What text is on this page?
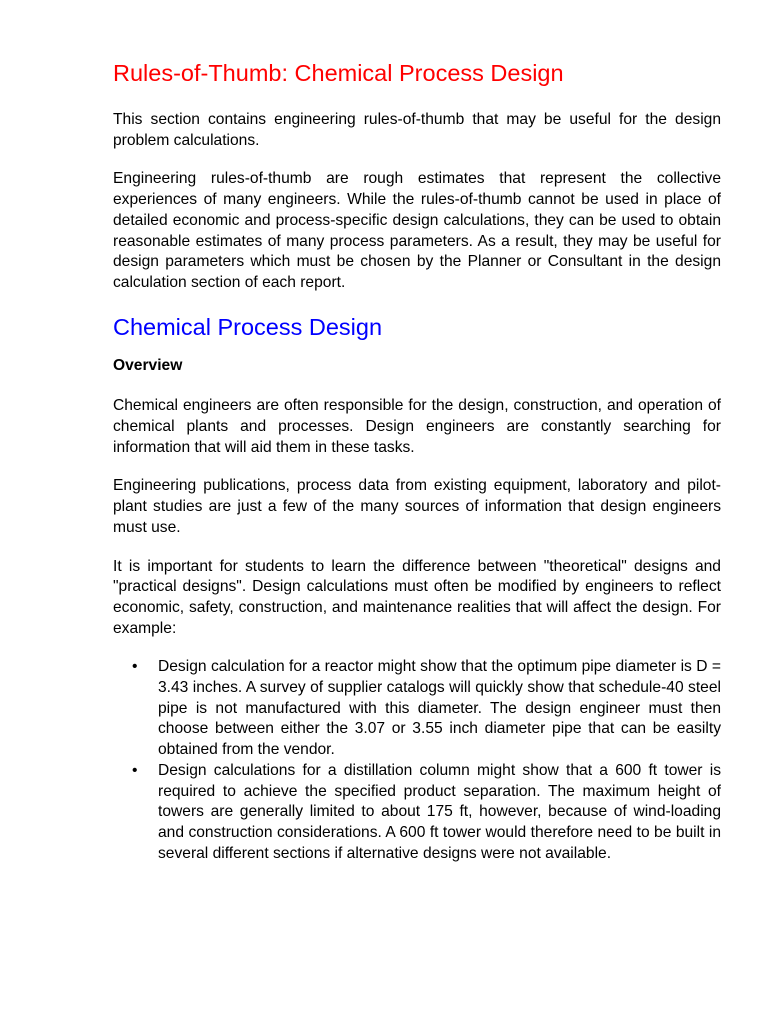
Rules-of-Thumb: Chemical Process Design

This section contains engineering rules-of-thumb that may be useful for the design problem calculations.

Engineering rules-of-thumb are rough estimates that represent the collective experiences of many engineers. While the rules-of-thumb cannot be used in place of detailed economic and process-specific design calculations, they can be used to obtain reasonable estimates of many process parameters. As a result, they may be useful for design parameters which must be chosen by the Planner or Consultant in the design calculation section of each report.

Chemical Process Design
Overview

Chemical engineers are often responsible for the design, construction, and operation of chemical plants and processes. Design engineers are constantly searching for information that will aid them in these tasks.

Engineering publications, process data from existing equipment, laboratory and pilot-plant studies are just a few of the many sources of information that design engineers must use.

It is important for students to learn the difference between "theoretical" designs and "practical designs". Design calculations must often be modified by engineers to reflect economic, safety, construction, and maintenance realities that will affect the design. For example:

• Design calculation for a reactor might show that the optimum pipe diameter is D = 3.43 inches. A survey of supplier catalogs will quickly show that schedule-40 steel pipe is not manufactured with this diameter. The design engineer must then choose between either the 3.07 or 3.55 inch diameter pipe that can be easilty obtained from the vendor.
• Design calculations for a distillation column might show that a 600 ft tower is required to achieve the specified product separation. The maximum height of towers are generally limited to about 175 ft, however, because of wind-loading and construction considerations. A 600 ft tower would therefore need to be built in several different sections if alternative designs were not available.
